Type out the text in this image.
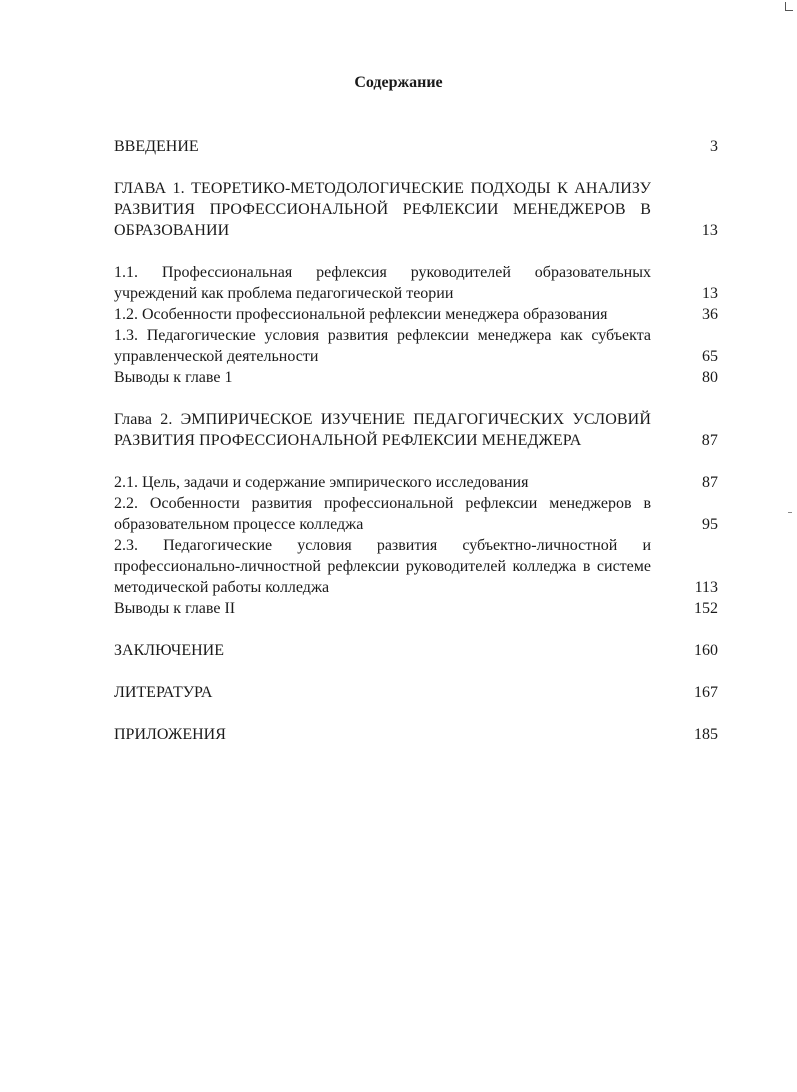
Содержание
ВВЕДЕНИЕ	3
ГЛАВА 1. ТЕОРЕТИКО-МЕТОДОЛОГИЧЕСКИЕ ПОДХОДЫ К АНАЛИЗУ РАЗВИТИЯ ПРОФЕССИОНАЛЬНОЙ РЕФЛЕКСИИ МЕНЕДЖЕРОВ В ОБРАЗОВАНИИ	13
1.1. Профессиональная рефлексия руководителей образовательных учреждений как проблема педагогической теории	13
1.2. Особенности профессиональной рефлексии менеджера образования	36
1.3. Педагогические условия развития рефлексии менеджера как субъекта управленческой деятельности	65
Выводы к главе 1	80
Глава 2. ЭМПИРИЧЕСКОЕ ИЗУЧЕНИЕ ПЕДАГОГИЧЕСКИХ УСЛОВИЙ РАЗВИТИЯ ПРОФЕССИОНАЛЬНОЙ РЕФЛЕКСИИ МЕНЕДЖЕРА	87
2.1. Цель, задачи и содержание эмпирического исследования	87
2.2. Особенности развития профессиональной рефлексии менеджеров в образовательном процессе колледжа	95
2.3. Педагогические условия развития субъектно-личностной и профессионально-личностной рефлексии руководителей колледжа в системе методической работы колледжа	113
Выводы к главе II	152
ЗАКЛЮЧЕНИЕ	160
ЛИТЕРАТУРА	167
ПРИЛОЖЕНИЯ	185
